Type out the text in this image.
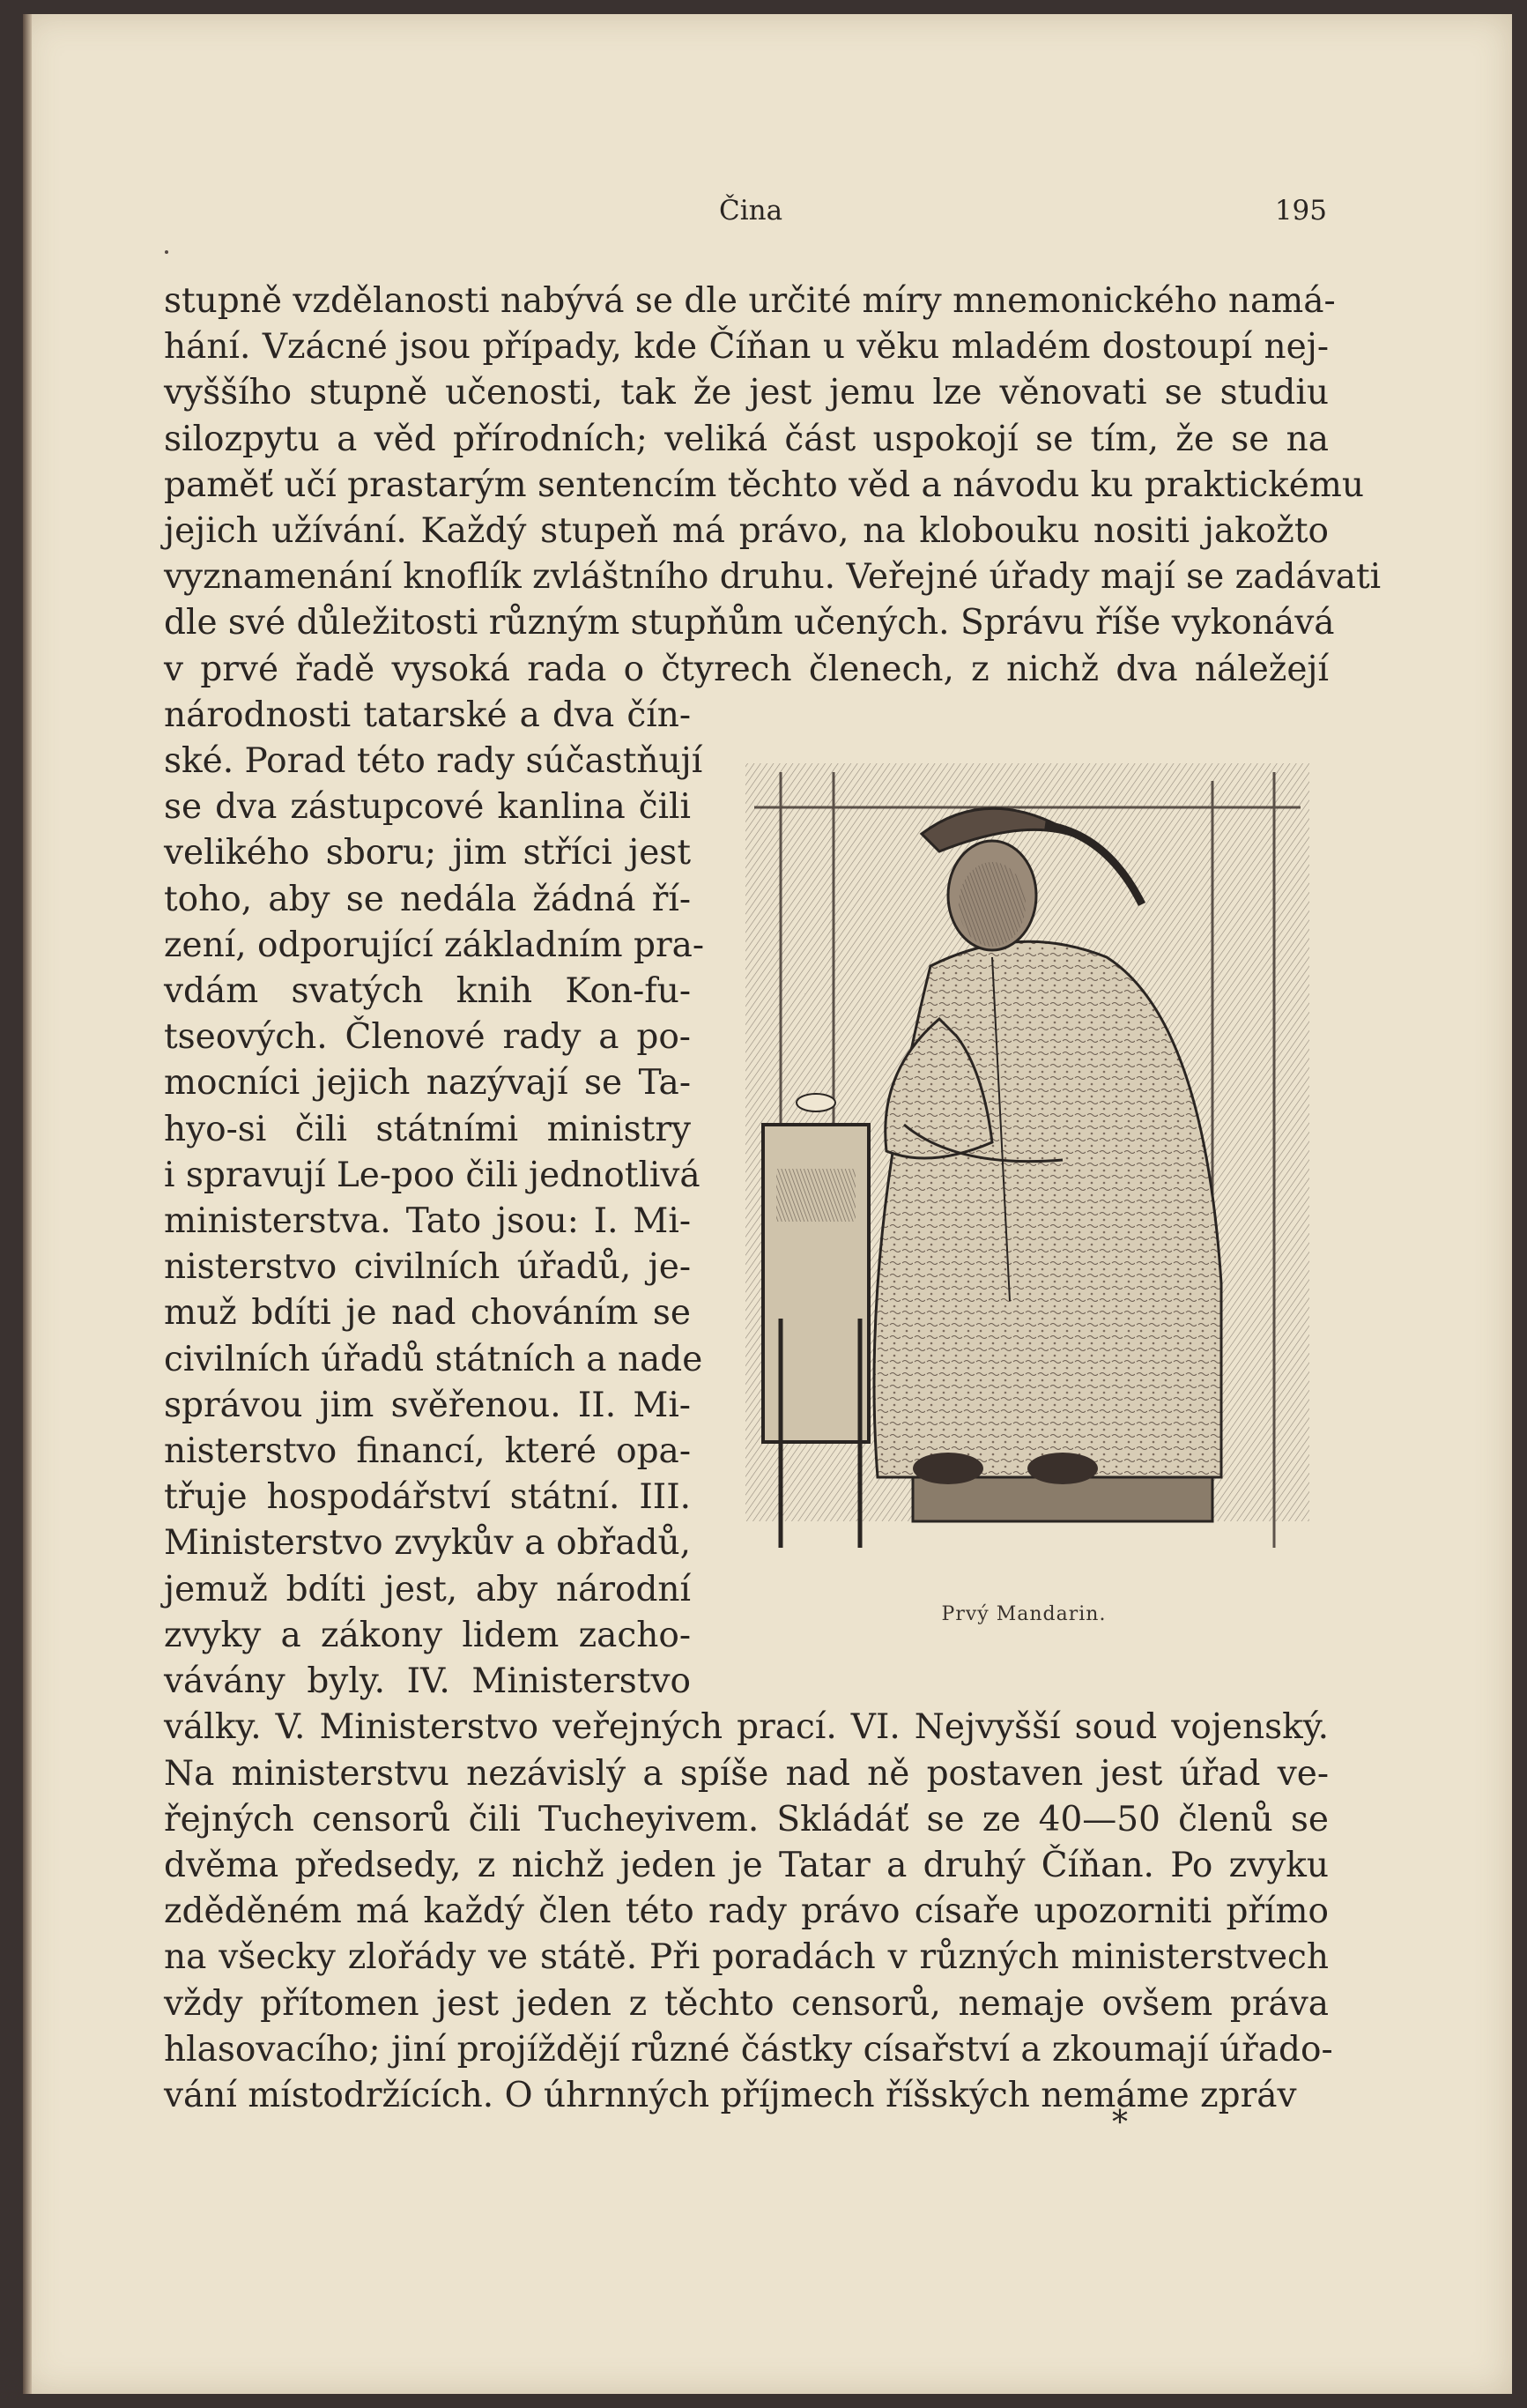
Čina	195
stupně vzdělanosti nabývá se dle určité míry mnemonického namá-
hání. Vzácné jsou případy, kde Číňan u věku mladém dostoupí nej-
vyššího stupně učenosti, tak že jest jemu lze věnovati se studiu
silozpytu a věd přírodních; veliká část uspokojí se tím, že se na
paměť učí prastarým sentencím těchto věd a návodu ku praktickému
jejich užívání. Každý stupeň má právo, na klobouku nositi jakožto
vyznamenání knoflík zvláštního druhu. Veřejné úřady mají se zadávati
dle své důležitosti různým stupňům učených. Správu říše vykonává
v prvé řadě vysoká rada o čtyrech členech, z nichž dva náležejí
národnosti tatarské a dva čín-
ské. Porad této rady súčastňují
se dva zástupcové kanlina čili
velikého sboru; jim stříci jest
toho, aby se nedála žádná ří-
zení, odporující základním pra-
vdám svatých knih Kon-fu-
tseových. Členové rady a po-
mocníci jejich nazývají se Ta-
hyo-si čili státními ministry
i spravují Le-poo čili jednotlivá
ministerstva. Tato jsou: I. Mi-
nisterstvo civilních úřadů, je-
muž bdíti je nad chováním se
civilních úřadů státních a nade
správou jim svěřenou. II. Mi-
nisterstvo financí, které opa-
třuje hospodářství státní. III.
Ministerstvo zvykův a obřadů,
jemuž bdíti jest, aby národní
zvyky a zákony lidem zacho-
vávány byly. IV. Ministerstvo
války. V. Ministerstvo veřejných prací. VI. Nejvyšší soud vojenský.
Na ministerstvu nezávislý a spíše nad ně postaven jest úřad ve-
řejných censorů čili Tucheyivem. Skládáť se ze 40—50 členů se
dvěma předsedy, z nichž jeden je Tatar a druhý Číňan. Po zvyku
zděděném má každý člen této rady právo císaře upozorniti přímo
na všecky zlořády ve státě. Při poradách v různých ministerstvech
vždy přítomen jest jeden z těchto censorů, nemaje ovšem práva
hlasovacího; jiní projíždějí různé částky císařství a zkoumají úřado-
vání místodržících. O úhrnných příjmech říšských nemáme zpráv
Prvý Mandarin.
*
